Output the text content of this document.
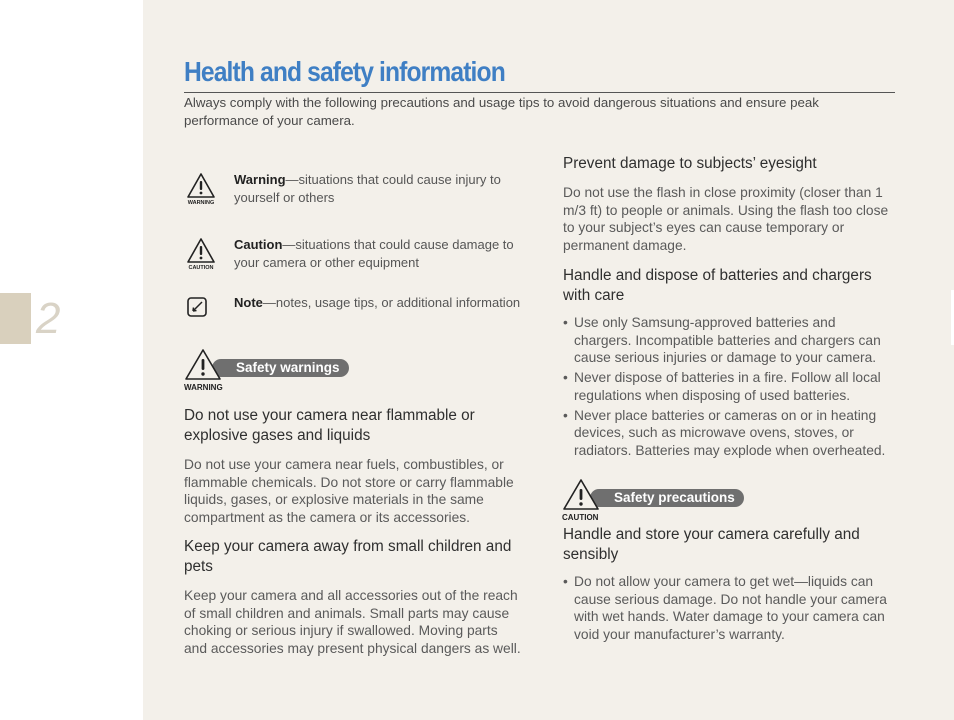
2
Health and safety information
Always comply with the following precautions and usage tips to avoid dangerous situations and ensure peak performance of your camera.
WARNING
Warning—situations that could cause injury to yourself or others
CAUTION
Caution—situations that could cause damage to your camera or other equipment
Note—notes, usage tips, or additional information
Safety warnings
WARNING
Do not use your camera near flammable or explosive gases and liquids
Do not use your camera near fuels, combustibles, or flammable chemicals. Do not store or carry flammable liquids, gases, or explosive materials in the same compartment as the camera or its accessories.
Keep your camera away from small children and pets
Keep your camera and all accessories out of the reach of small children and animals. Small parts may cause choking or serious injury if swallowed. Moving parts and accessories may present physical dangers as well.
Prevent damage to subjects’ eyesight
Do not use the flash in close proximity (closer than 1 m/3 ft) to people or animals. Using the flash too close to your subject’s eyes can cause temporary or permanent damage.
Handle and dispose of batteries and chargers with care
• Use only Samsung-approved batteries and chargers. Incompatible batteries and chargers can cause serious injuries or damage to your camera.
• Never dispose of batteries in a fire. Follow all local regulations when disposing of used batteries.
• Never place batteries or cameras on or in heating devices, such as microwave ovens, stoves, or radiators. Batteries may explode when overheated.
Safety precautions
CAUTION
Handle and store your camera carefully and sensibly
• Do not allow your camera to get wet—liquids can cause serious damage. Do not handle your camera with wet hands. Water damage to your camera can void your manufacturer’s warranty.
